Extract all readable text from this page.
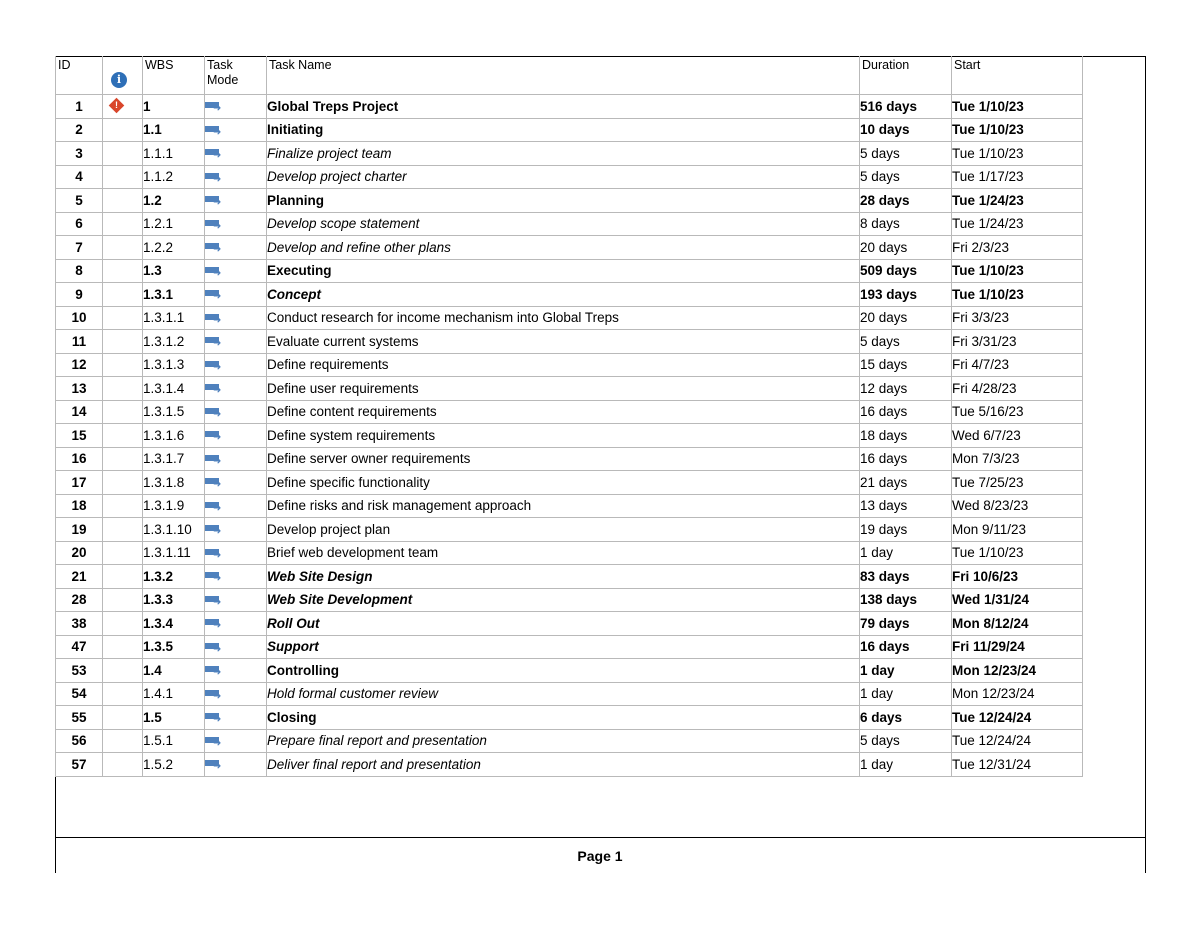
ID	i	WBS	Task Mode	Task Name	Duration	Start
1	!	1	➜	Global Treps Project	516 days	Tue 1/10/23
2		1.1	➜	Initiating	10 days	Tue 1/10/23
3		1.1.1	➜	Finalize project team	5 days	Tue 1/10/23
4		1.1.2	➜	Develop project charter	5 days	Tue 1/17/23
5		1.2	➜	Planning	28 days	Tue 1/24/23
6		1.2.1	➜	Develop scope statement	8 days	Tue 1/24/23
7		1.2.2	➜	Develop and refine other plans	20 days	Fri 2/3/23
8		1.3	➜	Executing	509 days	Tue 1/10/23
9		1.3.1	➜	Concept	193 days	Tue 1/10/23
10		1.3.1.1	➜	Conduct research for income mechanism into Global Treps	20 days	Fri 3/3/23
11		1.3.1.2	➜	Evaluate current systems	5 days	Fri 3/31/23
12		1.3.1.3	➜	Define requirements	15 days	Fri 4/7/23
13		1.3.1.4	➜	Define user requirements	12 days	Fri 4/28/23
14		1.3.1.5	➜	Define content requirements	16 days	Tue 5/16/23
15		1.3.1.6	➜	Define system requirements	18 days	Wed 6/7/23
16		1.3.1.7	➜	Define server owner requirements	16 days	Mon 7/3/23
17		1.3.1.8	➜	Define specific functionality	21 days	Tue 7/25/23
18		1.3.1.9	➜	Define risks and risk management approach	13 days	Wed 8/23/23
19		1.3.1.10	➜	Develop project plan	19 days	Mon 9/11/23
20		1.3.1.11	➜	Brief web development team	1 day	Tue 1/10/23
21		1.3.2	➜	Web Site Design	83 days	Fri 10/6/23
28		1.3.3	➜	Web Site Development	138 days	Wed 1/31/24
38		1.3.4	➜	Roll Out	79 days	Mon 8/12/24
47		1.3.5	➜	Support	16 days	Fri 11/29/24
53		1.4	➜	Controlling	1 day	Mon 12/23/24
54		1.4.1	➜	Hold formal customer review	1 day	Mon 12/23/24
55		1.5	➜	Closing	6 days	Tue 12/24/24
56		1.5.1	➜	Prepare final report and presentation	5 days	Tue 12/24/24
57		1.5.2	➜	Deliver final report and presentation	1 day	Tue 12/31/24
Page 1
